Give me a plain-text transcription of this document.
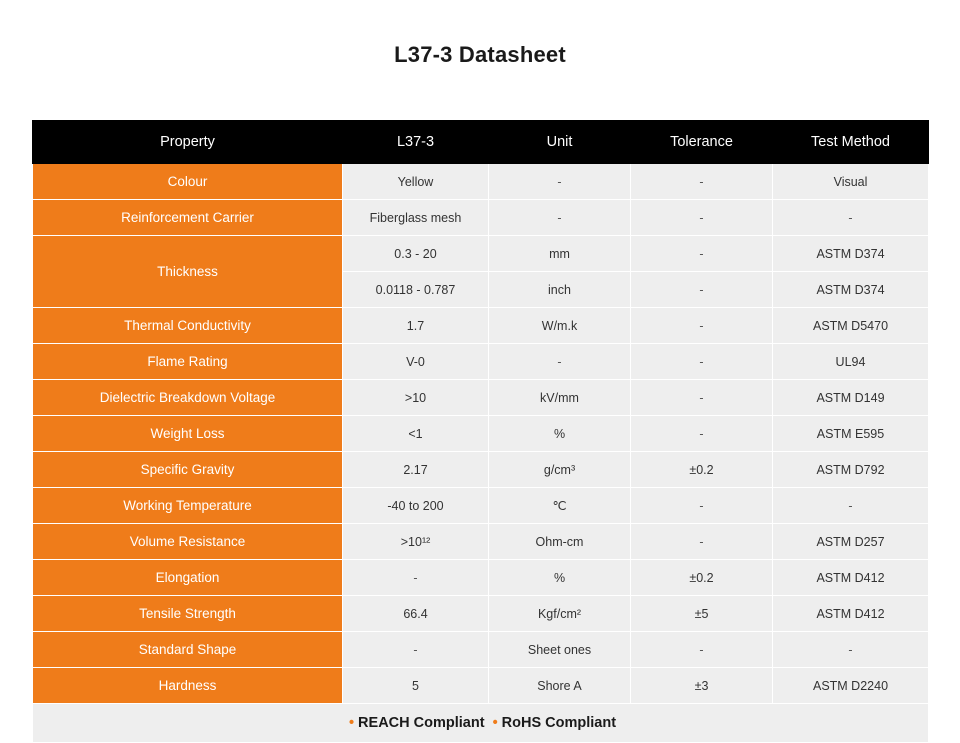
L37-3 Datasheet
Property	L37-3	Unit	Tolerance	Test Method
Colour	Yellow	-	-	Visual
Reinforcement Carrier	Fiberglass mesh	-	-	-
Thickness	0.3 - 20	mm	-	ASTM D374
	0.0118 - 0.787	inch	-	ASTM D374
Thermal Conductivity	1.7	W/m.k	-	ASTM D5470
Flame Rating	V-0	-	-	UL94
Dielectric Breakdown Voltage	>10	kV/mm	-	ASTM D149
Weight Loss	<1	%	-	ASTM E595
Specific Gravity	2.17	g/cm³	±0.2	ASTM D792
Working Temperature	-40 to 200	℃	-	-
Volume Resistance	>10¹²	Ohm-cm	-	ASTM D257
Elongation	-	%	±0.2	ASTM D412
Tensile Strength	66.4	Kgf/cm²	±5	ASTM D412
Standard Shape	-	Sheet ones	-	-
Hardness	5	Shore A	±3	ASTM D2240
• REACH Compliant • RoHS Compliant				
